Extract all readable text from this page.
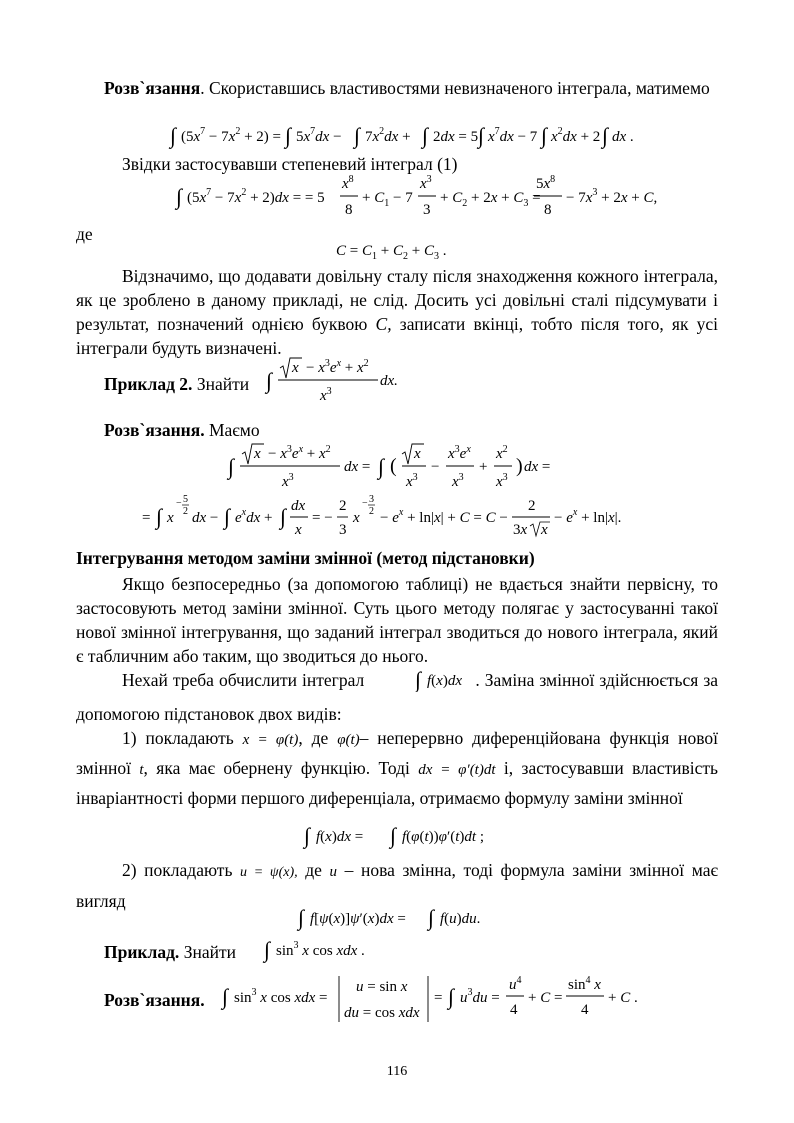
Розв`язання. Скориставшись властивостями невизначеного інтеграла, матимемо

∫ $(5x^7 - 7x^2 + 2)$ = ∫ $5x^7dx$ − ∫ $7x^2dx$ + ∫ 2dx = 5 ∫ $x^7dx - 7$ ∫ $x^2dx + 2$ ∫ dx .

Звідки застосувавши степеневий інтеграл (1)

∫ $(5x^7 - 7x^2 + 2)dx$ = = 5
$x^8$
8
+ $C_1 - 7$
$x^3$
3
+ $C_2 + 2x + C_3$ =
$5x^8$
8
− $7x^3 + 2x + C$,

де

$C = C_1 + C_2 + C_3$ .

Відзначимо, що додавати довільну сталу після знаходження кожного інтеграла, як це зроблено в даному прикладі, не слід. Досить усі довільні сталі підсумувати і результат, позначений однією буквою C, записати вкінці, тобто після того, як усі інтеграли будуть визначені.

Приклад 2. Знайти ∫ $x - x^3e^x + x^2$
$x^3$
dx.

Розв`язання. Маємо

∫ $x - x^3e^x + x^2$
$x^3$
dx = ∫ (
x
$x^3$
−
$x^3e^x$
$x^3$
+
$x^2$
$x^3$
) dx =
= ∫ x
− 5
2 dx − ∫ $e^xdx$ + ∫ dx
x
= −
2
3
x
− 3
$2 - e^x + \ln|x| + C = C$ −
2
3x x
− $e^x + \ln|x|$.

Інтегрування методом заміни змінної (метод підстановки)

Якщо безпосередньо (за допомогою таблиці) не вдається знайти первісну, то застосовують метод заміни змінної. Суть цього методу полягає у застосуванні такої нової змінної інтегрування, що заданий інтеграл зводиться до нового інтеграла, який є табличним або таким, що зводиться до нього.

Нехай треба обчислити інтеграл ∫ f(x)dx . Заміна змінної здійснюється за допомогою підстановок двох видів:

1) покладають x = φ(t), де φ(t)– неперервно диференційована функція нової змінної t, яка має обернену функцію. Тоді dx = φ′(t)dt і, застосувавши властивість інваріантності форми першого диференціала, отримаємо формулу заміни змінної

∫ f(x)dx = ∫ f(φ(t))φ′(t)dt ;

2) покладають u = ψ(x), де u – нова змінна, тоді формула заміни змінної має вигляд

∫ f[ψ(x)]ψ′(x)dx = ∫ f(u)du.

Приклад. Знайти	∫ $\sin^3 x$ cos xdx .

Розв`язання. ∫ $\sin^3 x$ cos xdx =
u = sin x
du = cos xdx
= ∫ $u^3du$ =
$u^4$
4
+ C =
$\sin^4 x$
4
+ C .
116
